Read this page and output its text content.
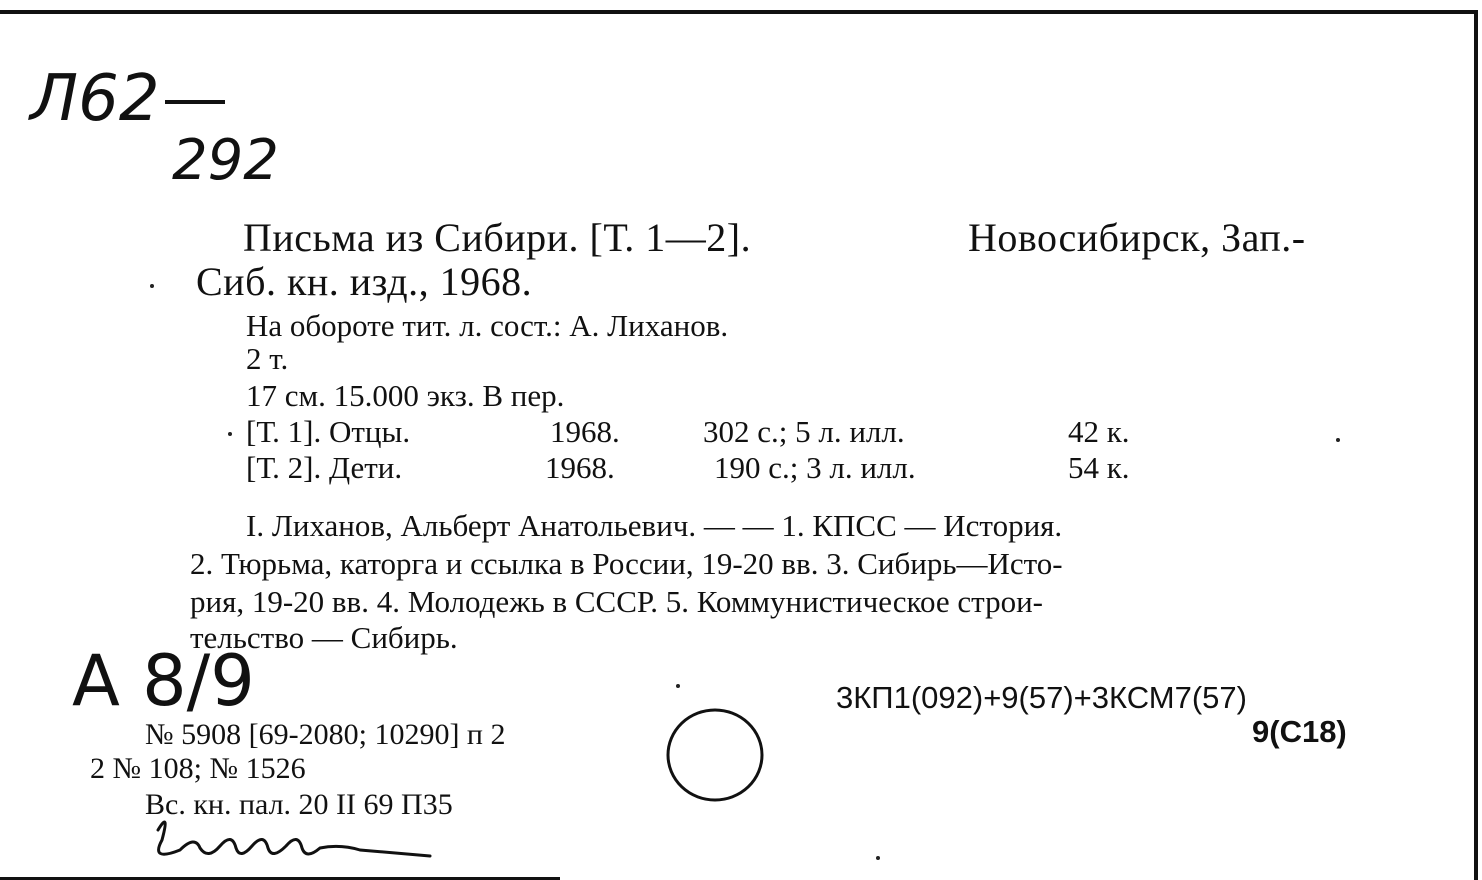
Л62
292
Письма из Сибири. [Т. 1—2].	Новосибирск, Зап.-
Сиб. кн. изд., 1968.
На обороте тит. л. сост.: А. Лиханов.
2 т.
17 см. 15.000 экз. В пер.
[Т. 1]. Отцы.	1968.	302 с.; 5 л. илл.	42 к.
[Т. 2]. Дети.	1968.	190 с.; 3 л. илл.	54 к.
I. Лиханов, Альберт Анатольевич. — — 1. КПСС — История.
2. Тюрьма, каторга и ссылка в России, 19-20 вв. 3. Сибирь—Исто-
рия, 19-20 вв. 4. Молодежь в СССР. 5. Коммунистическое строи-
тельство — Сибирь.
А 8/9	3КП1(092)+9(57)+3КСМ7(57)
9(С18)
№ 5908 [69-2080; 10290] п 2
2 № 108; № 1526
Вс. кн. пал. 20 II 69 П35
